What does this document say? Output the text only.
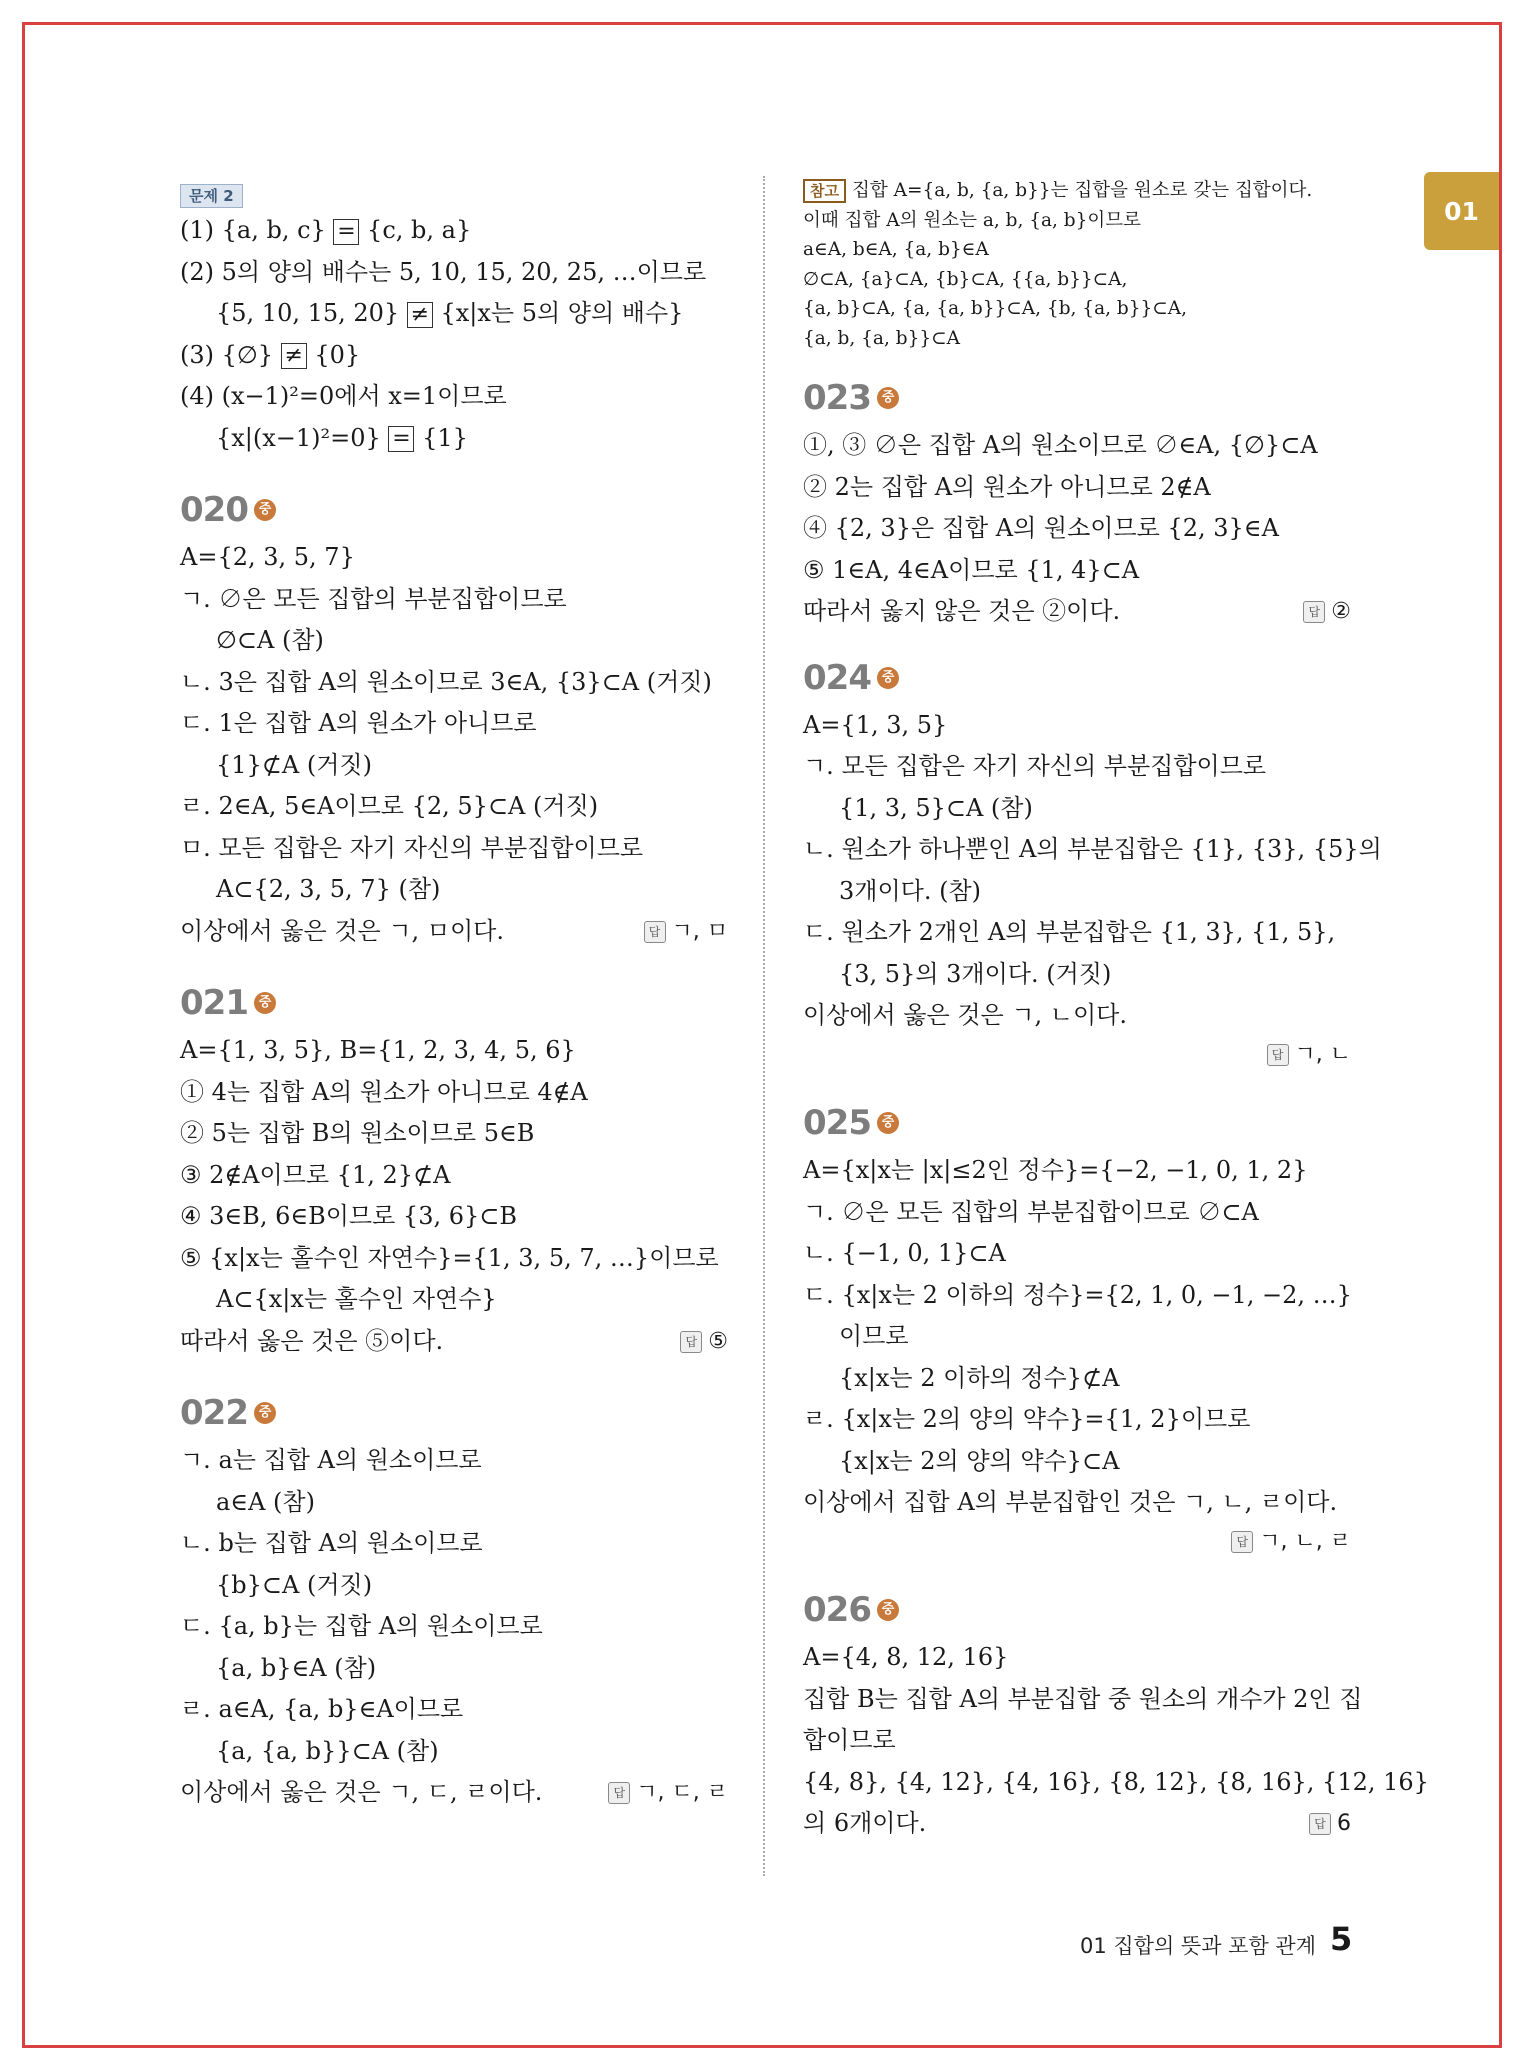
01
문제 2
(1) {a, b, c} = {c, b, a}
(2) 5의 양의 배수는 5, 10, 15, 20, 25, …이므로
{5, 10, 15, 20} ≠ {x|x는 5의 양의 배수}
(3) {∅} ≠ {0}
(4) (x−1)²=0에서 x=1이므로
{x|(x−1)²=0} = {1}
020 중
A={2, 3, 5, 7}
ㄱ. ∅은 모든 집합의 부분집합이므로
∅⊂A (참)
ㄴ. 3은 집합 A의 원소이므로 3∈A, {3}⊂A (거짓)
ㄷ. 1은 집합 A의 원소가 아니므로
{1}⊄A (거짓)
ㄹ. 2∈A, 5∈A이므로 {2, 5}⊂A (거짓)
ㅁ. 모든 집합은 자기 자신의 부분집합이므로
A⊂{2, 3, 5, 7} (참)
이상에서 옳은 것은 ㄱ, ㅁ이다.	답 ㄱ, ㅁ
021 중
A={1, 3, 5}, B={1, 2, 3, 4, 5, 6}
① 4는 집합 A의 원소가 아니므로 4∉A
② 5는 집합 B의 원소이므로 5∈B
③ 2∉A이므로 {1, 2}⊄A
④ 3∈B, 6∈B이므로 {3, 6}⊂B
⑤ {x|x는 홀수인 자연수}={1, 3, 5, 7, …}이므로
A⊂{x|x는 홀수인 자연수}
따라서 옳은 것은 ⑤이다.	답 ⑤
022 중
ㄱ. a는 집합 A의 원소이므로
a∈A (참)
ㄴ. b는 집합 A의 원소이므로
{b}⊂A (거짓)
ㄷ. {a, b}는 집합 A의 원소이므로
{a, b}∈A (참)
ㄹ. a∈A, {a, b}∈A이므로
{a, {a, b}}⊂A (참)
이상에서 옳은 것은 ㄱ, ㄷ, ㄹ이다.	답 ㄱ, ㄷ, ㄹ
참고 집합 A={a, b, {a, b}}는 집합을 원소로 갖는 집합이다.
이때 집합 A의 원소는 a, b, {a, b}이므로
a∈A, b∈A, {a, b}∈A
∅⊂A, {a}⊂A, {b}⊂A, {{a, b}}⊂A,
{a, b}⊂A, {a, {a, b}}⊂A, {b, {a, b}}⊂A,
{a, b, {a, b}}⊂A
023 중
①, ③ ∅은 집합 A의 원소이므로 ∅∈A, {∅}⊂A
② 2는 집합 A의 원소가 아니므로 2∉A
④ {2, 3}은 집합 A의 원소이므로 {2, 3}∈A
⑤ 1∈A, 4∈A이므로 {1, 4}⊂A
따라서 옳지 않은 것은 ②이다.	답 ②
024 중
A={1, 3, 5}
ㄱ. 모든 집합은 자기 자신의 부분집합이므로
{1, 3, 5}⊂A (참)
ㄴ. 원소가 하나뿐인 A의 부분집합은 {1}, {3}, {5}의
3개이다. (참)
ㄷ. 원소가 2개인 A의 부분집합은 {1, 3}, {1, 5},
{3, 5}의 3개이다. (거짓)
이상에서 옳은 것은 ㄱ, ㄴ이다.
답 ㄱ, ㄴ
025 중
A={x|x는 |x|≤2인 정수}={−2, −1, 0, 1, 2}
ㄱ. ∅은 모든 집합의 부분집합이므로 ∅⊂A
ㄴ. {−1, 0, 1}⊂A
ㄷ. {x|x는 2 이하의 정수}={2, 1, 0, −1, −2, …}
이므로
{x|x는 2 이하의 정수}⊄A
ㄹ. {x|x는 2의 양의 약수}={1, 2}이므로
{x|x는 2의 양의 약수}⊂A
이상에서 집합 A의 부분집합인 것은 ㄱ, ㄴ, ㄹ이다.
답 ㄱ, ㄴ, ㄹ
026 중
A={4, 8, 12, 16}
집합 B는 집합 A의 부분집합 중 원소의 개수가 2인 집
합이므로
{4, 8}, {4, 12}, {4, 16}, {8, 12}, {8, 16}, {12, 16}
의 6개이다.	답 6
01 집합의 뜻과 포함 관계 5
